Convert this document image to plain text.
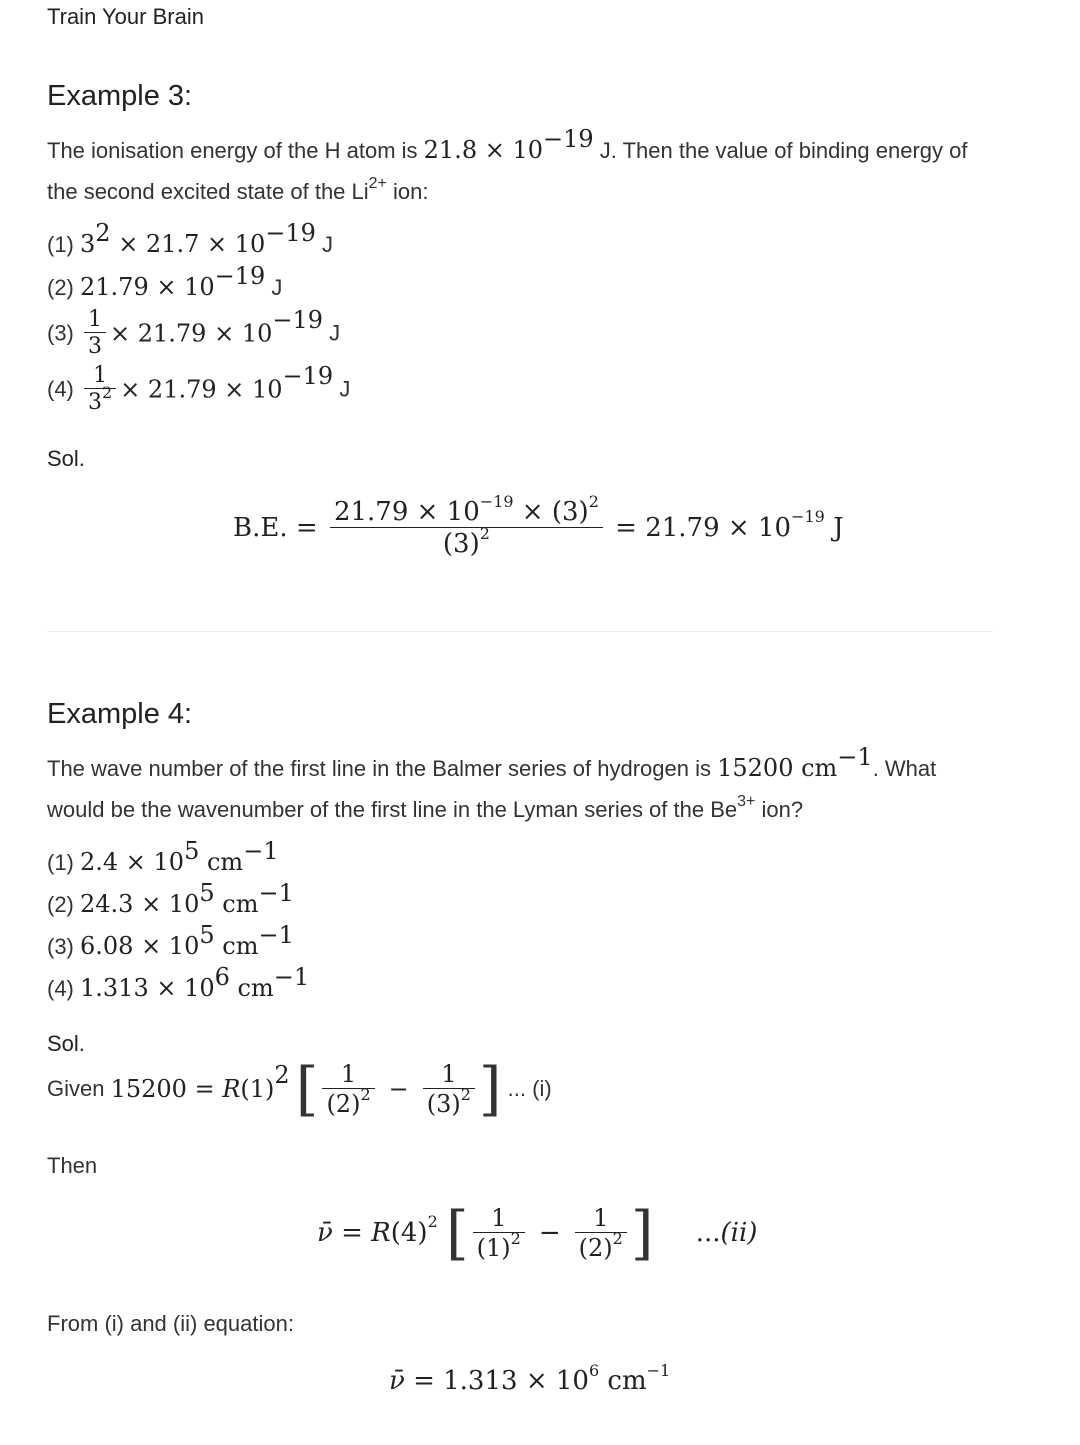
Train Your Brain
Example 3:
The ionisation energy of the H atom is $21.8 \times 10^{-19}$ J. Then the value of binding energy of the second excited state of the $Li^{2+}$ ion:
(1) $3^2 \times 21.7 \times 10^{-19}$ J
(2) $21.79 \times 10^{-19}$ J
$(3) \frac{1}{3} \times 21.79 \times 10^{-19}$ J
$(4) \frac{1}{3^2} \times 21.79 \times 10^{-19}$ J
Sol.
B.E. = $\frac{21.79 \times 10^{-19} \times (3)^2}{(3)^2} = 21.79 \times 10^{-19}$ J
Example 4:
The wave number of the first line in the Balmer series of hydrogen is 15200 $cm^{-1}$. What would be the wavenumber of the first line in the Lyman series of the $Be^{3+}$ ion?
(1) $2.4 \times 10^5$ $cm^{-1}$
(2) $24.3 \times 10^5$ $cm^{-1}$
(3) $6.08 \times 10^5$ $cm^{-1}$
(4) $1.313 \times 10^6$ $cm^{-1}$
Sol.
Given $15200 = R(1)^2$ [ $\frac{1}{(2)^2} - \frac{1}{(3)^2}$ ] ... (i)
Then
ν̄ = $R(4)^2$ [ $\frac{1}{(1)^2} - \frac{1}{(2)^2}$ ] ...(ii)
From (i) and (ii) equation:
ν̄ = $1.313 \times 10^6$ $cm^{-1}$
